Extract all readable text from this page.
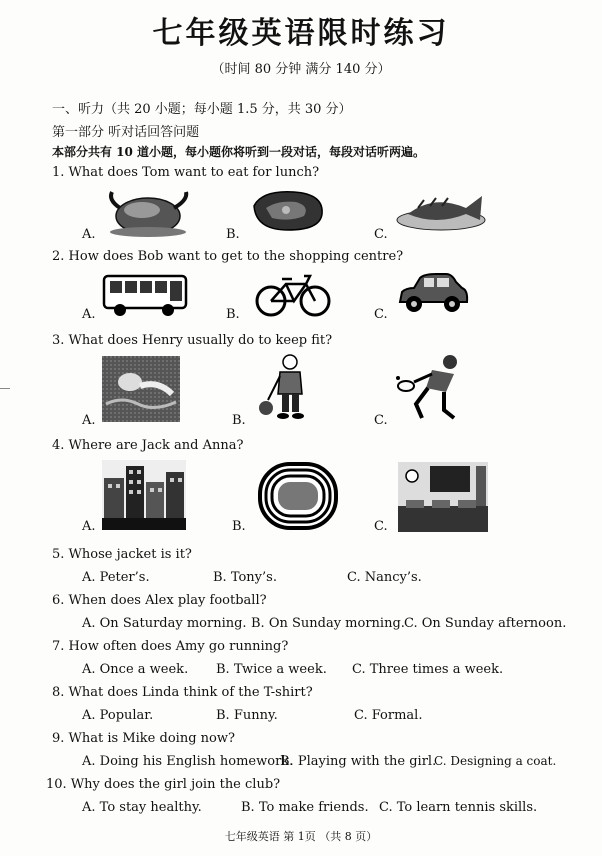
七年级英语限时练习
（时间 80 分钟 满分 140 分）
一、听力（共 20 小题；每小题 1.5 分，共 30 分）
第一部分 听对话回答问题
本部分共有 10 道小题，每小题你将听到一段对话，每段对话听两遍。
1. What does Tom want to eat for lunch?
A.	B.	C.
2. How does Bob want to get to the shopping centre?
A.	B.	C.
3. What does Henry usually do to keep fit?
A.	B.	C.
4. Where are Jack and Anna?
A.	B.	C.
5. Whose jacket is it?
A. Peter’s.	B. Tony’s.	C. Nancy’s.
6. When does Alex play football?
A. On Saturday morning. B. On Sunday morning. C. On Sunday afternoon.
7. How often does Amy go running?
A. Once a week. B. Twice a week. C. Three times a week.
8. What does Linda think of the T-shirt?
A. Popular.	B. Funny.	C. Formal.
9. What is Mike doing now?
A. Doing his English homework.
B. Playing with the girl.
C. Designing a coat.
10. Why does the girl join the club?
A. To stay healthy.	B. To make friends. C. To learn tennis skills.
七年级英语 第 1页 （共 8 页）
